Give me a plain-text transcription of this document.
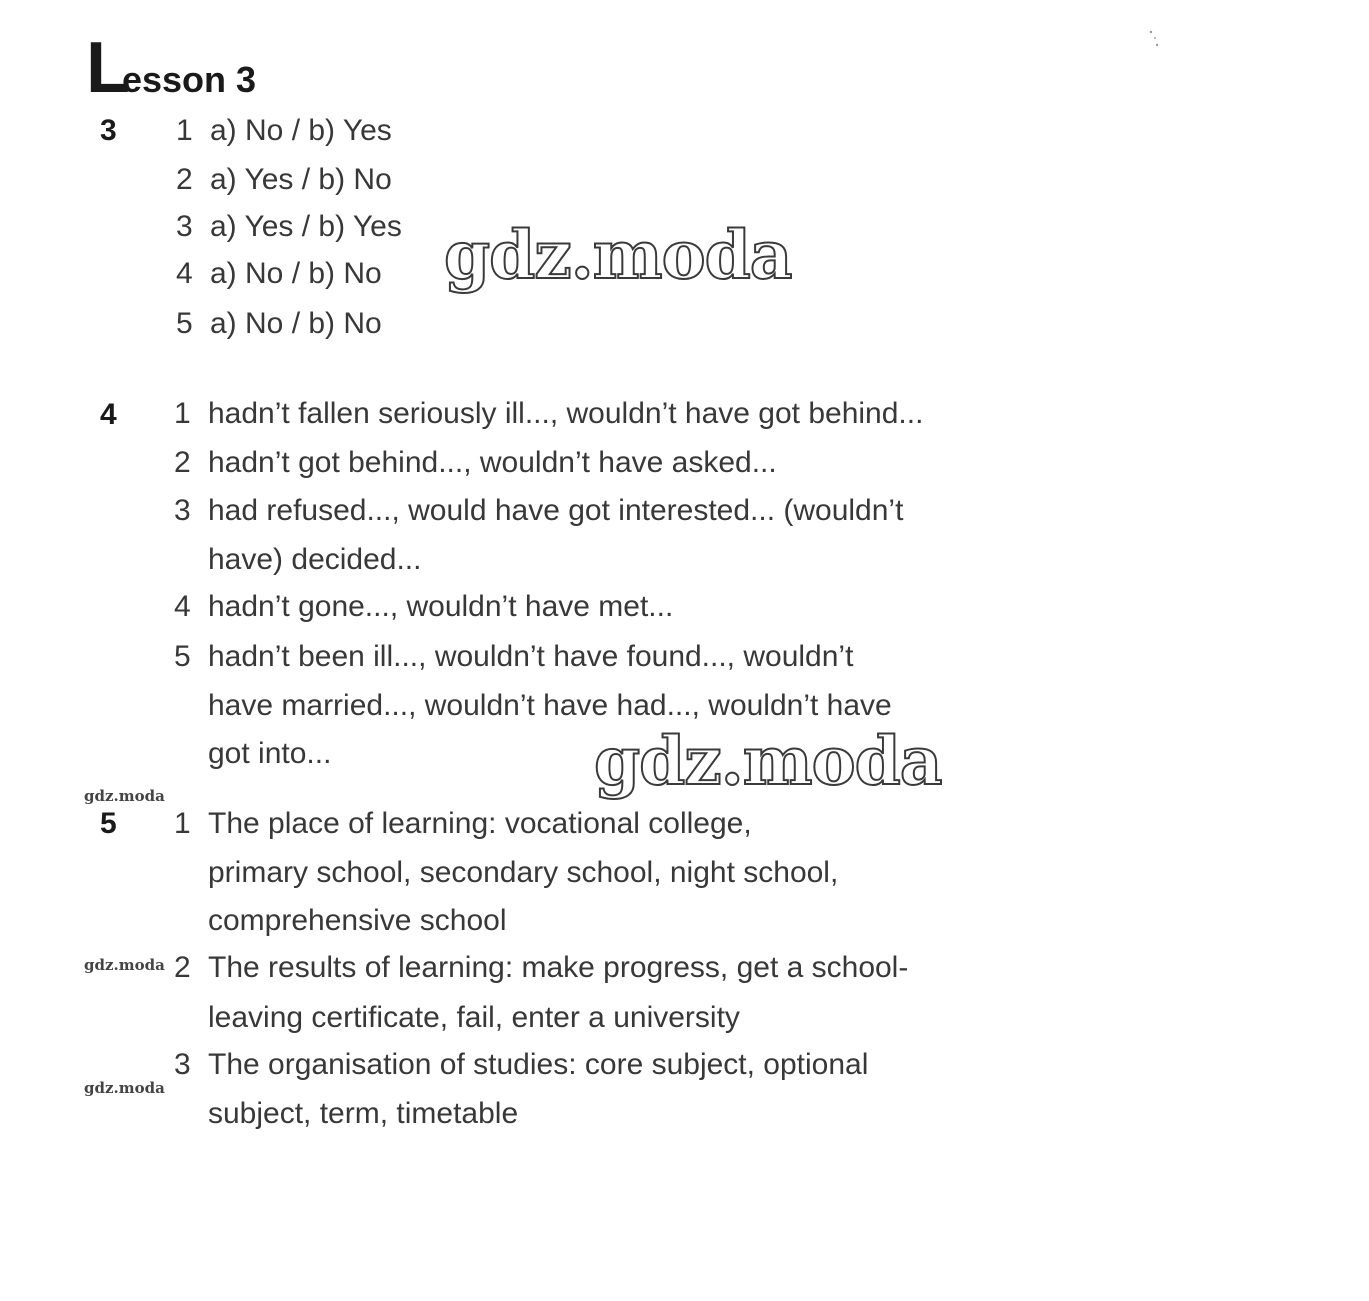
Lesson 3
3 1 a) No / b) Yes
2 a) Yes / b) No
3 a) Yes / b) Yes
4 a) No / b) No
5 a) No / b) No
gdz.moda
4 1 hadn’t fallen seriously ill..., wouldn’t have got behind...
2 hadn’t got behind..., wouldn’t have asked...
3 had refused..., would have got interested... (wouldn’t
have) decided...
4 hadn’t gone..., wouldn’t have met...
5 hadn’t been ill..., wouldn’t have found..., wouldn’t
have married..., wouldn’t have had..., wouldn’t have
got into...	gdz.moda
gdz.moda
gdz.moda
gdz.moda
5 1 The place of learning: vocational college,
primary school, secondary school, night school,
comprehensive school
2 The results of learning: make progress, get a school-
leaving certificate, fail, enter a university
3 The organisation of studies: core subject, optional
subject, term, timetable
